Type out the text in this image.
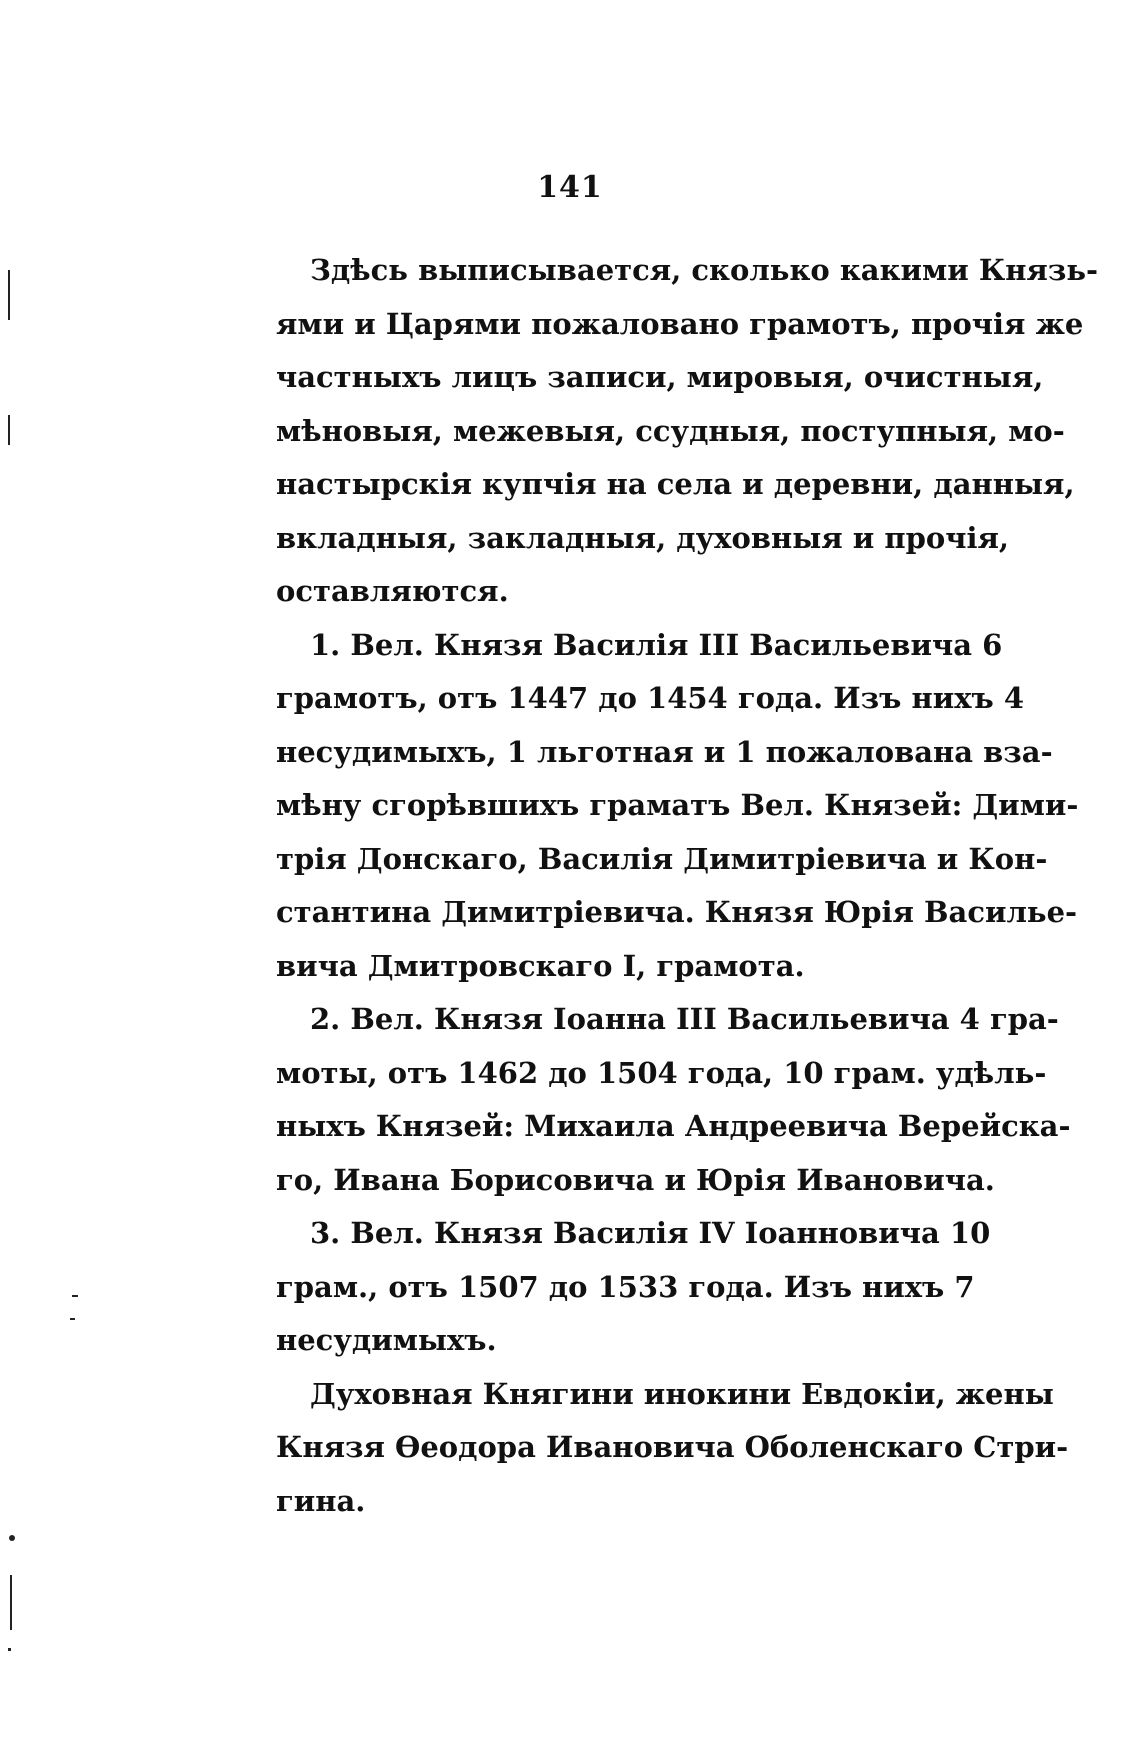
141

Здѣсь выписывается, сколько какими Князь-
ями и Царями пожаловано грамотъ, прочія же
частныхъ лицъ записи, мировыя, очистныя,
мѣновыя, межевыя, ссудныя, поступныя, мо-
настырскія купчія на села и деревни, данныя,
вкладныя, закладныя, духовныя и прочія,
оставляются.

1. Вел. Князя Василія III Васильевича 6
грамотъ, отъ 1447 до 1454 года. Изъ нихъ 4
несудимыхъ, 1 льготная и 1 пожалована вза-
мѣну сгорѣвшихъ граматъ Вел. Князей: Дими-
трія Донскаго, Василія Димитріевича и Кон-
стантина Димитріевича. Князя Юрія Васильe-
вича Дмитровскаго I, грамота.

2. Вел. Князя Іоанна III Васильевича 4 гра-
моты, отъ 1462 до 1504 года, 10 грам. удѣль-
ныхъ Князей: Михаила Андреевича Верейска-
го, Ивана Борисовича и Юрія Ивановича.

3. Вел. Князя Василія IV Іоанновича 10
грам., отъ 1507 до 1533 года. Изъ нихъ 7
несудимыхъ.

Духовная Княгини инокини Евдокіи, жены
Князя Ѳеодора Ивановича Оболенскаго Стри-
гина.
